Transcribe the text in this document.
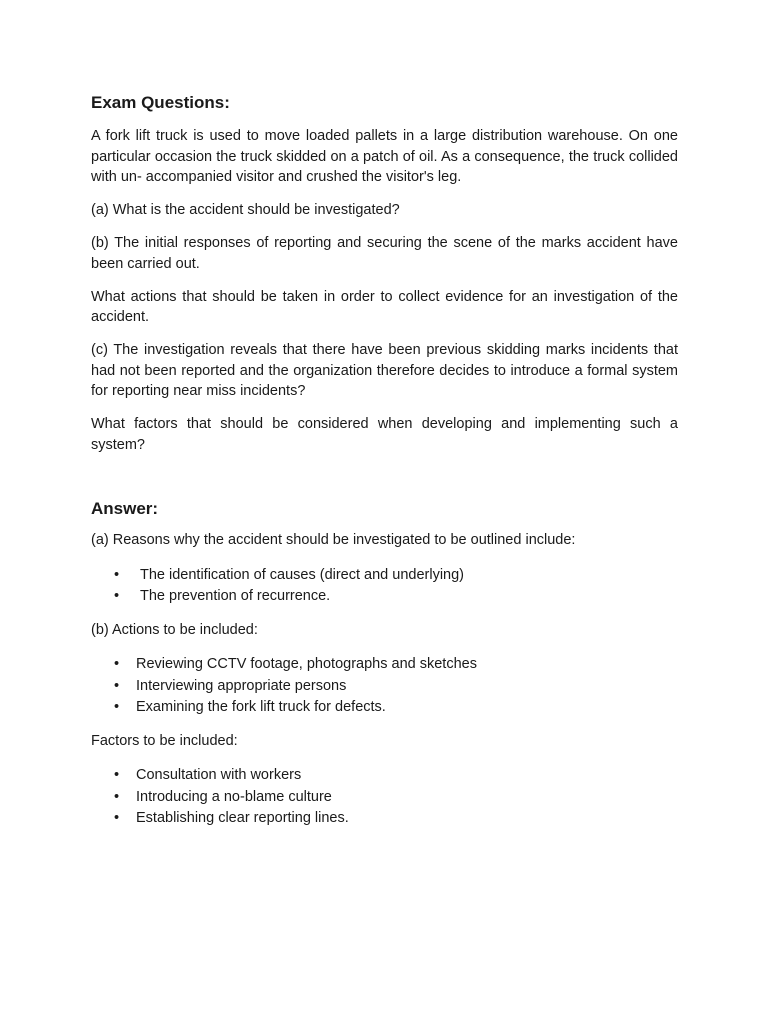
Exam Questions:

A fork lift truck is used to move loaded pallets in a large distribution warehouse. On one particular occasion the truck skidded on a patch of oil. As a consequence, the truck collided with un- accompanied visitor and crushed the visitor's leg.

(a) What is the accident should be investigated?

(b) The initial responses of reporting and securing the scene of the marks accident have been carried out.

What actions that should be taken in order to collect evidence for an investigation of the accident.

(c) The investigation reveals that there have been previous skidding marks incidents that had not been reported and the organization therefore decides to introduce a formal system for reporting near miss incidents?

What factors that should be considered when developing and implementing such a system?

Answer:

(a) Reasons why the accident should be investigated to be outlined include:

• The identification of causes (direct and underlying)
• The prevention of recurrence.

(b) Actions to be included:

• Reviewing CCTV footage, photographs and sketches
• Interviewing appropriate persons
• Examining the fork lift truck for defects.

Factors to be included:

• Consultation with workers
• Introducing a no-blame culture
• Establishing clear reporting lines.
